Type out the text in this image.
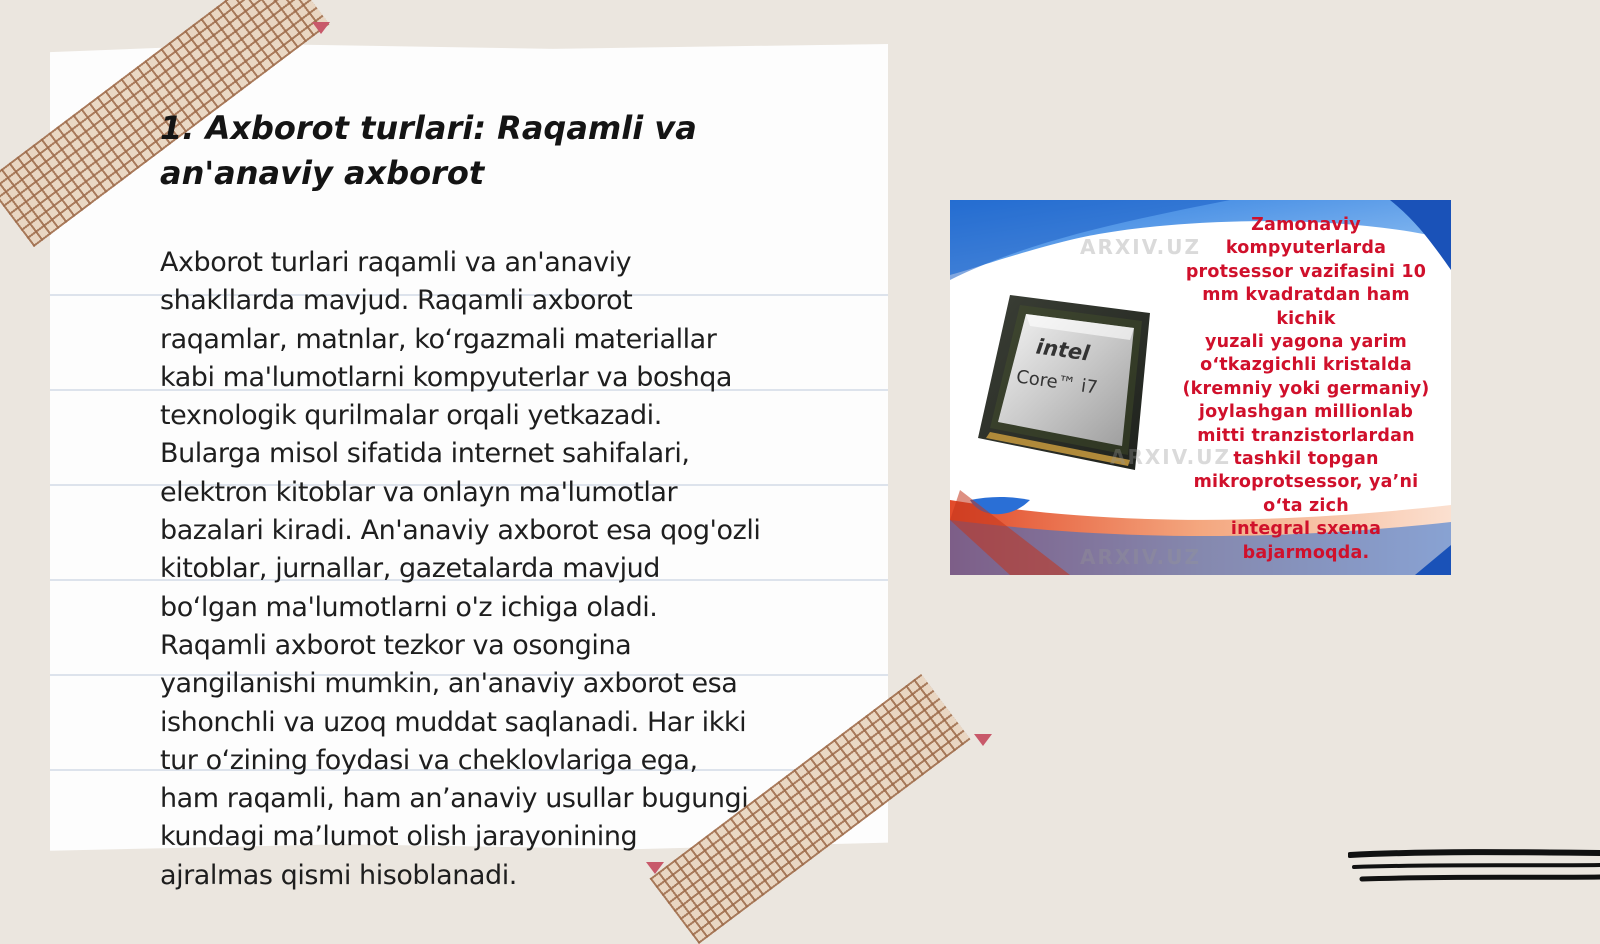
1. Axborot turlari: Raqamli va an'anaviy axborot

Axborot turlari raqamli va an'anaviy
shakllarda mavjud. Raqamli axborot
raqamlar, matnlar, ko‘rgazmali materiallar
kabi ma'lumotlarni kompyuterlar va boshqa
texnologik qurilmalar orqali yetkazadi.
Bularga misol sifatida internet sahifalari,
elektron kitoblar va onlayn ma'lumotlar
bazalari kiradi. An'anaviy axborot esa qog'ozli
kitoblar, jurnallar, gazetalarda mavjud
bo‘lgan ma'lumotlarni o'z ichiga oladi.
Raqamli axborot tezkor va osongina
yangilanishi mumkin, an'anaviy axborot esa
ishonchli va uzoq muddat saqlanadi. Har ikki
tur o‘zining foydasi va cheklovlariga ega,
ham raqamli, ham an’anaviy usullar bugungi
kundagi ma’lumot olish jarayonining
ajralmas qismi hisoblanadi.

ARXIV.UZ
ARXIV.UZ
ARXIV.UZ
intel
Core™ i7
Zamonaviy
kompyuterlarda
protsessor vazifasini 10
mm kvadratdan ham
kichik
yuzali yagona yarim
o‘tkazgichli kristalda
(kremniy yoki germaniy)
joylashgan millionlab
mitti tranzistorlardan
tashkil topgan
mikroprotsessor, ya’ni
o‘ta zich
integral sxema
bajarmoqda.
